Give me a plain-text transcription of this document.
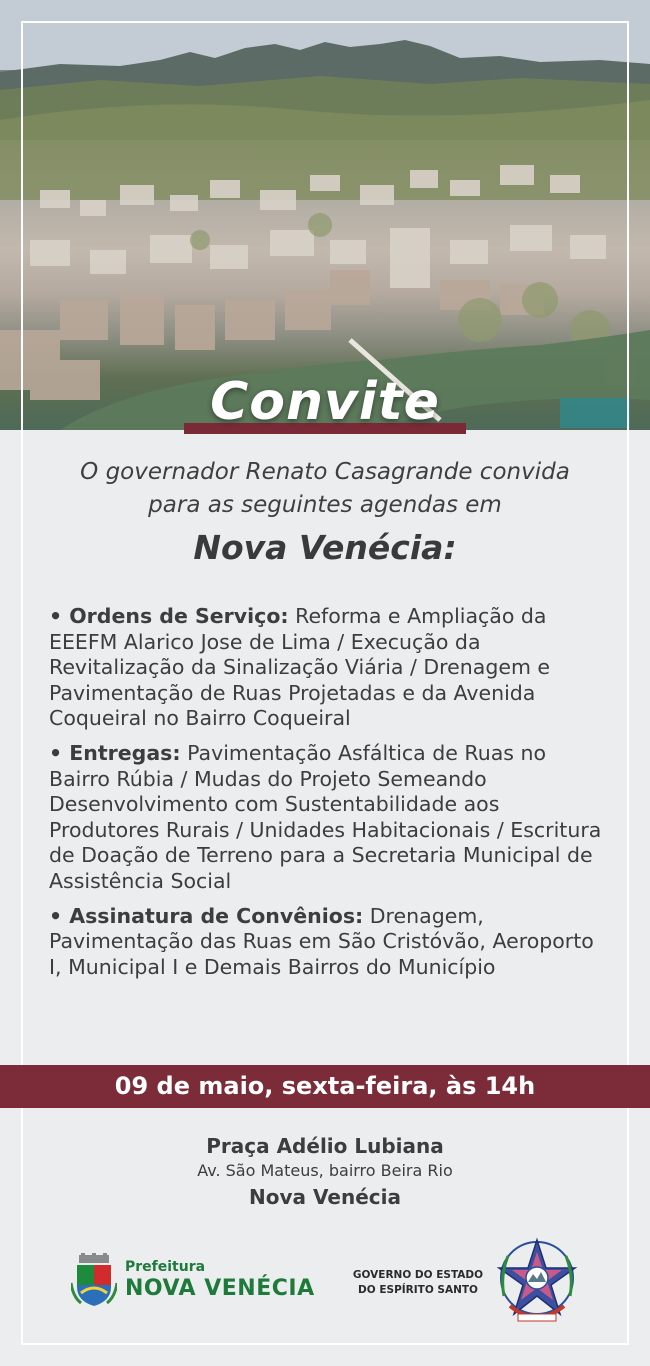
Convite
O governador Renato Casagrande convida
para as seguintes agendas em
Nova Venécia:
• Ordens de Serviço: Reforma e Ampliação da EEEFM Alarico Jose de Lima / Execução da Revitalização da Sinalização Viária / Drenagem e Pavimentação de Ruas Projetadas e da Avenida Coqueiral no Bairro Coqueiral
• Entregas: Pavimentação Asfáltica de Ruas no Bairro Rúbia / Mudas do Projeto Semeando Desenvolvimento com Sustentabilidade aos Produtores Rurais / Unidades Habitacionais / Escritura de Doação de Terreno para a Secretaria Municipal de Assistência Social
• Assinatura de Convênios: Drenagem, Pavimentação das Ruas em São Cristóvão, Aeroporto I, Municipal I e Demais Bairros do Município
09 de maio, sexta-feira, às 14h
Praça Adélio Lubiana
Av. São Mateus, bairro Beira Rio
Nova Venécia
Prefeitura
NOVA VENÉCIA
GOVERNO DO ESTADO
DO ESPÍRITO SANTO
